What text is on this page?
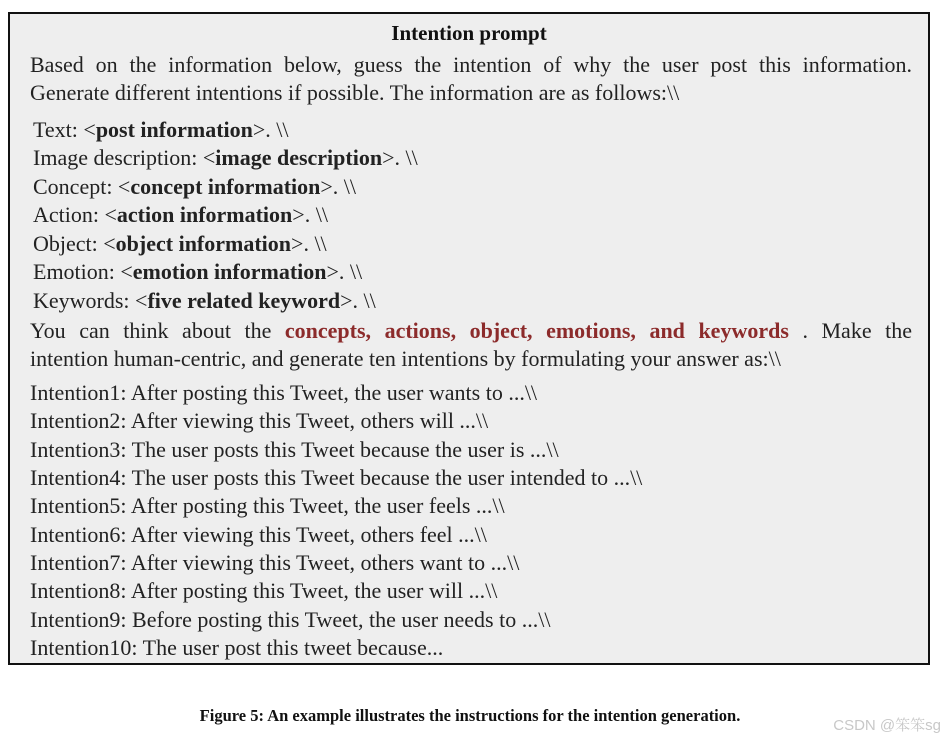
Intention prompt
Based on the information below, guess the intention of why the user post this information.
Generate different intentions if possible. The information are as follows:\\
Text: <post information>. \\
Image description: <image description>. \\
Concept: <concept information>. \\
Action: <action information>. \\
Object: <object information>. \\
Emotion: <emotion information>. \\
Keywords: <five related keyword>. \\
You can think about the concepts, actions, object, emotions, and keywords . Make the
intention human-centric, and generate ten intentions by formulating your answer as:\\
Intention1: After posting this Tweet, the user wants to ...\\
Intention2: After viewing this Tweet, others will ...\\
Intention3: The user posts this Tweet because the user is ...\\
Intention4: The user posts this Tweet because the user intended to ...\\
Intention5: After posting this Tweet, the user feels ...\\
Intention6: After viewing this Tweet, others feel ...\\
Intention7: After viewing this Tweet, others want to ...\\
Intention8: After posting this Tweet, the user will ...\\
Intention9: Before posting this Tweet, the user needs to ...\\
Intention10: The user post this tweet because...
Figure 5: An example illustrates the instructions for the intention generation.
CSDN @笨笨sg
